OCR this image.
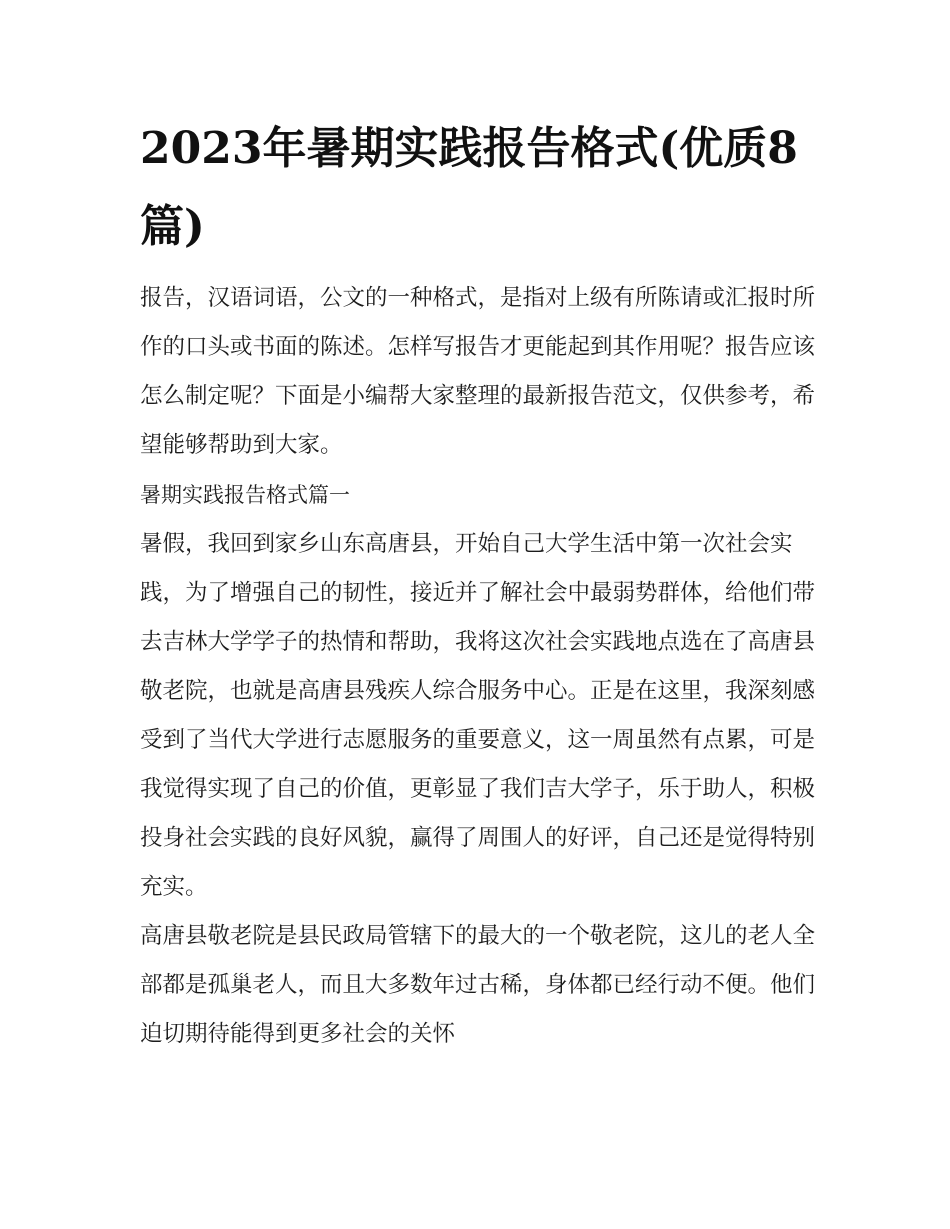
2023年暑期实践报告格式(优质8篇)

报告，汉语词语，公文的一种格式，是指对上级有所陈请或汇报时所作的口头或书面的陈述。怎样写报告才更能起到其作用呢？报告应该怎么制定呢？下面是小编帮大家整理的最新报告范文，仅供参考，希望能够帮助到大家。

暑期实践报告格式篇一

暑假，我回到家乡山东高唐县，开始自己大学生活中第一次社会实践，为了增强自己的韧性，接近并了解社会中最弱势群体，给他们带去吉林大学学子的热情和帮助，我将这次社会实践地点选在了高唐县敬老院，也就是高唐县残疾人综合服务中心。正是在这里，我深刻感受到了当代大学进行志愿服务的重要意义，这一周虽然有点累，可是我觉得实现了自己的价值，更彰显了我们吉大学子，乐于助人，积极投身社会实践的良好风貌，赢得了周围人的好评，自己还是觉得特别充实。

高唐县敬老院是县民政局管辖下的最大的一个敬老院，这儿的老人全部都是孤巢老人，而且大多数年过古稀，身体都已经行动不便。他们迫切期待能得到更多社会的关怀
